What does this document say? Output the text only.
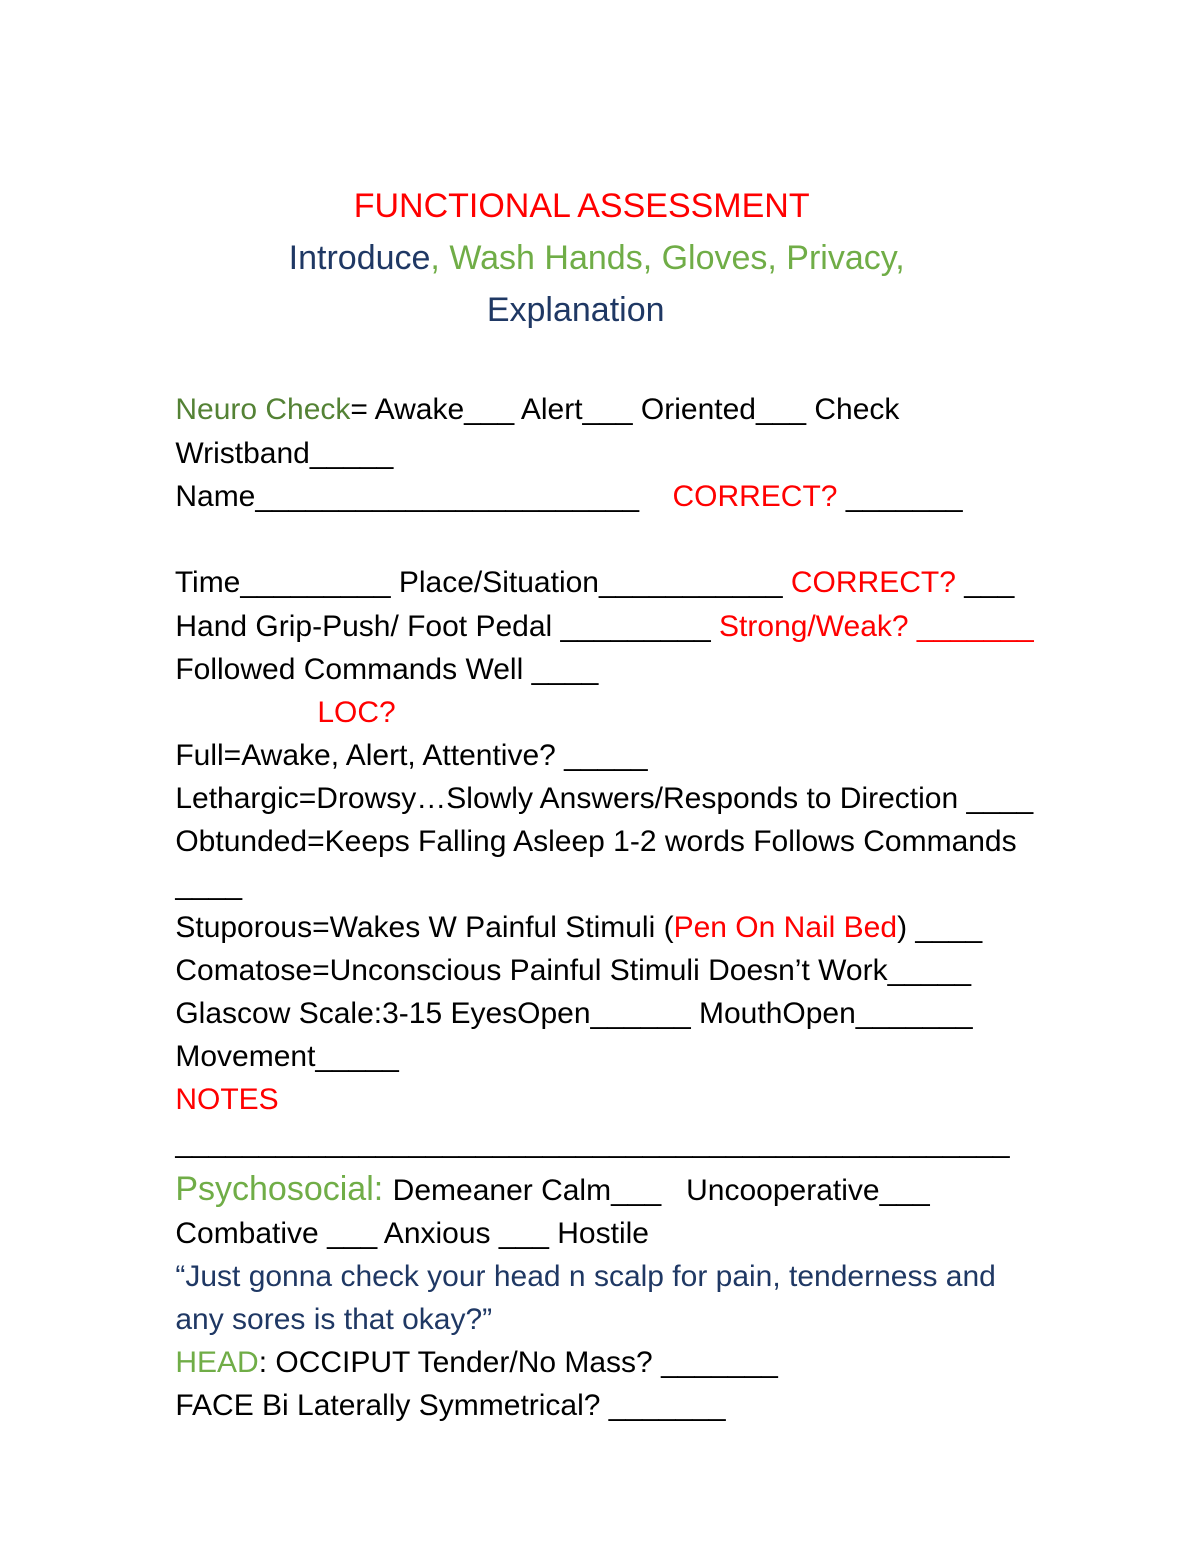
FUNCTIONAL ASSESSMENT

Introduce, Wash Hands, Gloves, Privacy,

Explanation

Neuro Check= Awake___ Alert___ Oriented___ Check

Wristband_____

Name_______________________    CORRECT? _______

Time_________ Place/Situation___________ CORRECT? ___

Hand Grip-Push/ Foot Pedal _________ Strong/Weak? _______

Followed Commands Well ____

LOC?

Full=Awake, Alert, Attentive? _____

Lethargic=Drowsy…Slowly Answers/Responds to Direction ____

Obtunded=Keeps Falling Asleep 1-2 words Follows Commands

____

Stuporous=Wakes W Painful Stimuli (Pen On Nail Bed) ____

Comatose=Unconscious Painful Stimuli Doesn’t Work_____

Glascow Scale:3-15 EyesOpen______ MouthOpen_______

Movement_____

NOTES

__________________________________________________

Psychosocial: Demeaner Calm___   Uncooperative___

Combative ___ Anxious ___ Hostile

“Just gonna check your head n scalp for pain, tenderness and

any sores is that okay?”

HEAD: OCCIPUT Tender/No Mass? _______

FACE Bi Laterally Symmetrical? _______
